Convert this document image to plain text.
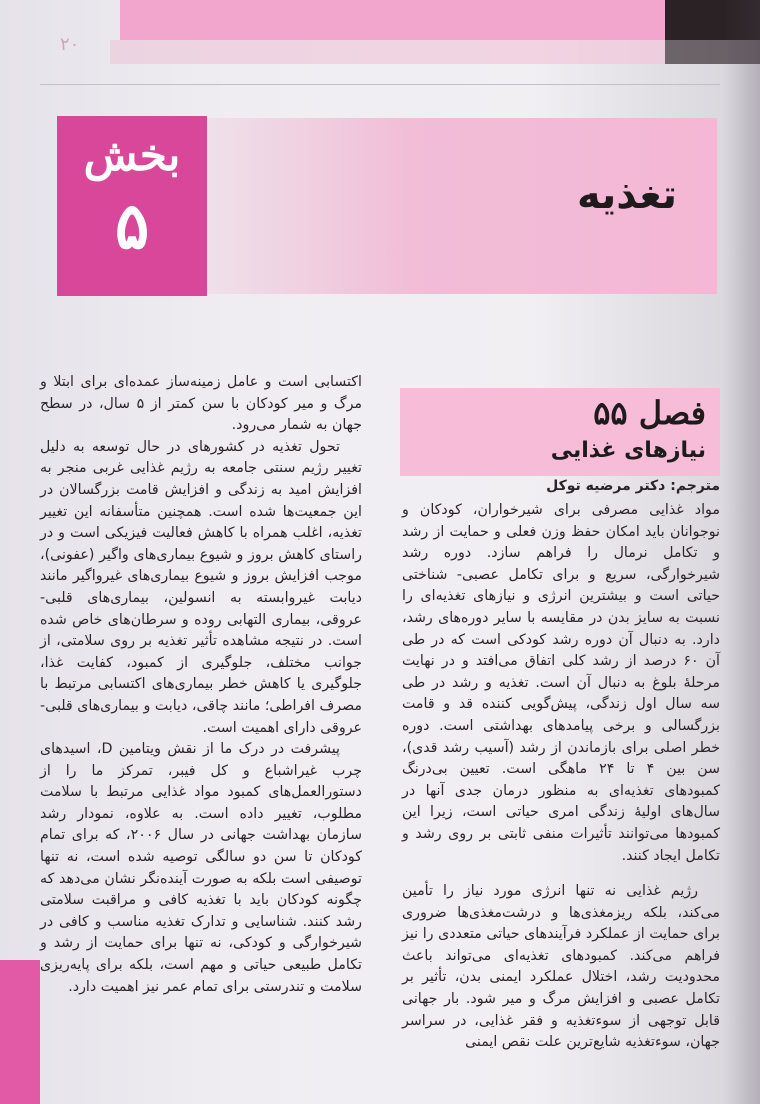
۲۰
تغذیه
بخش
۵
فصل ۵۵
نیازهای غذایی
مترجم: دکتر مرضیه توکل

اکتسابی است و عامل زمینه‌ساز عمده‌ای برای ابتلا و مرگ و میر کودکان با سن کمتر از ۵ سال، در سطح جهان به شمار می‌رود.

تحول تغذیه در کشورهای در حال توسعه به دلیل تغییر رژیم سنتی جامعه به رژیم غذایی غربی منجر به افزایش امید به زندگی و افزایش قامت بزرگسالان در این جمعیت‌ها شده است. همچنین متأسفانه این تغییر تغذیه، اغلب همراه با کاهش فعالیت فیزیکی است و در راستای کاهش بروز و شیوع بیماری‌های واگیر (عفونی)، موجب افزایش بروز و شیوع بیماری‌های غیرواگیر مانند دیابت غیروابسته به انسولین، بیماری‌های قلبی- عروقی، بیماری التهابی روده و سرطان‌های خاص شده است. در نتیجه مشاهده تأثیر تغذیه بر روی سلامتی، از جوانب مختلف، جلوگیری از کمبود، کفایت غذا، جلوگیری یا کاهش خطر بیماری‌های اکتسابی مرتبط با مصرف افراطی؛ مانند چاقی، دیابت و بیماری‌های قلبی- عروقی دارای اهمیت است.

پیشرفت در درک ما از نقش ویتامین D، اسیدهای چرب غیراشباع و کل فیبر، تمرکز ما را از دستورالعمل‌های کمبود مواد غذایی مرتبط با سلامت مطلوب، تغییر داده است. به علاوه، نمودار رشد سازمان بهداشت جهانی در سال ۲۰۰۶، که برای تمام کودکان تا سن دو سالگی توصیه شده است، نه تنها توصیفی است بلکه به صورت آینده‌نگر نشان می‌دهد که چگونه کودکان باید با تغذیه کافی و مراقبت سلامتی رشد کنند. شناسایی و تدارک تغذیه مناسب و کافی در شیرخوارگی و کودکی، نه تنها برای حمایت از رشد و تکامل طبیعی حیاتی و مهم است، بلکه برای پایه‌ریزی سلامت و تندرستی برای تمام عمر نیز اهمیت دارد.

مواد غذایی مصرفی برای شیرخواران، کودکان و نوجوانان باید امکان حفظ وزن فعلی و حمایت از رشد و تکامل نرمال را فراهم سازد. دوره رشد شیرخوارگی، سریع و برای تکامل عصبی- شناختی حیاتی است و بیشترین انرژی و نیازهای تغذیه‌ای را نسبت به سایز بدن در مقایسه با سایر دوره‌های رشد، دارد. به دنبال آن دوره رشد کودکی است که در طی آن ۶۰ درصد از رشد کلی اتفاق می‌افتد و در نهایت مرحلهٔ بلوغ به دنبال آن است. تغذیه و رشد در طی سه سال اول زندگی، پیش‌گویی کننده قد و قامت بزرگسالی و برخی پیامدهای بهداشتی است. دوره خطر اصلی برای بازماندن از رشد (آسیب رشد قدی)، سن بین ۴ تا ۲۴ ماهگی است. تعیین بی‌درنگ کمبودهای تغذیه‌ای به منظور درمان جدی آنها در سال‌های اولیهٔ زندگی امری حیاتی است، زیرا این کمبودها می‌توانند تأثیرات منفی ثابتی بر روی رشد و تکامل ایجاد کنند.

رژیم غذایی نه تنها انرژی مورد نیاز را تأمین می‌کند، بلکه ریزمغذی‌ها و درشت‌مغذی‌ها ضروری برای حمایت از عملکرد فرآیندهای حیاتی متعددی را نیز فراهم می‌کند. کمبودهای تغذیه‌ای می‌تواند باعث محدودیت رشد، اختلال عملکرد ایمنی بدن، تأثیر بر تکامل عصبی و افزایش مرگ و میر شود. بار جهانی قابل توجهی از سوءتغذیه و فقر غذایی، در سراسر جهان، سوءتغذیه شایع‌ترین علت نقص ایمنی
